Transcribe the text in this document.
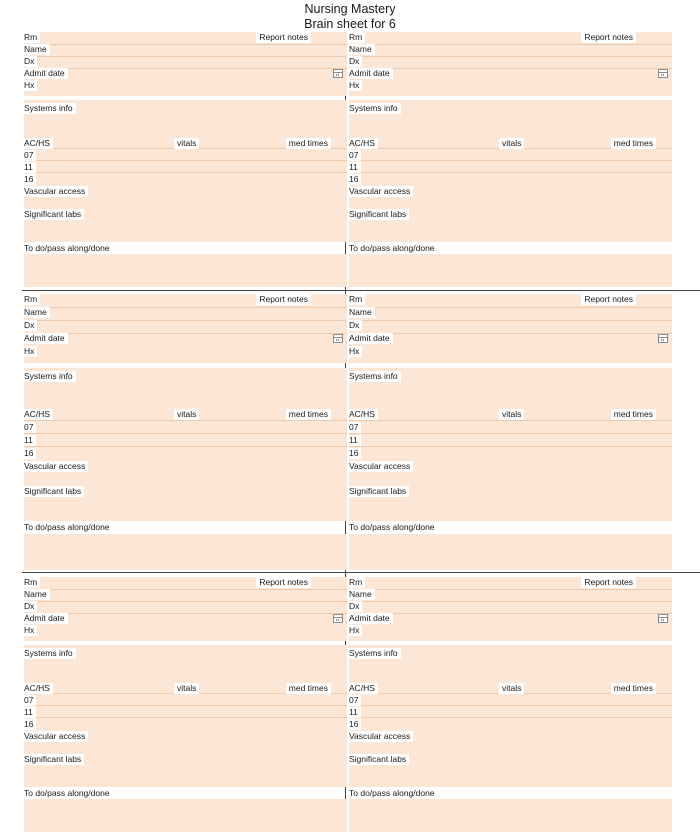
Nursing Mastery
Brain sheet for 6
Rm	Report notes
Name
Dx
Admit date
Hx
Systems info
AC/HS	vitals	med times
07
11
16
Vascular access
Significant labs
To do/pass along/done
Rm	Report notes
Name
Dx
Admit date
Hx
Systems info
AC/HS	vitals	med times
07
11
16
Vascular access
Significant labs
To do/pass along/done
Rm	Report notes
Name
Dx
Admit date
Hx
Systems info
AC/HS	vitals	med times
07
11
16
Vascular access
Significant labs
To do/pass along/done
Rm	Report notes
Name
Dx
Admit date
Hx
Systems info
AC/HS	vitals	med times
07
11
16
Vascular access
Significant labs
To do/pass along/done
Rm	Report notes
Name
Dx
Admit date
Hx
Systems info
AC/HS	vitals	med times
07
11
16
Vascular access
Significant labs
To do/pass along/done
Rm	Report notes
Name
Dx
Admit date
Hx
Systems info
AC/HS	vitals	med times
07
11
16
Vascular access
Significant labs
To do/pass along/done
